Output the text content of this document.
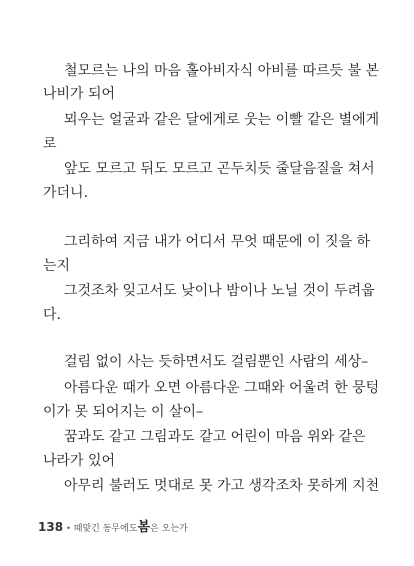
철모르는 나의 마음 홀아비자식 아비를 따르듯 불 본
나비가 되어
뫼우는 얼굴과 같은 달에게로 웃는 이빨 같은 별에게
로
앞도 모르고 뒤도 모르고 곤두치듯 줄달음질을 쳐서
가더니.
그리하여 지금 내가 어디서 무엇 때문에 이 짓을 하
는지
그것조차 잊고서도 낮이나 밤이나 노닐 것이 두려웁
다.
걸림 없이 사는 듯하면서도 걸림뿐인 사람의 세상–
아름다운 때가 오면 아름다운 그때와 어울려 한 뭉텅
이가 못 되어지는 이 살이–
꿈과도 같고 그림과도 같고 어린이 마음 위와 같은
나라가 있어
아무리 불러도 멋대로 못 가고 생각조차 못하게 지천
138 • 때맞긴 동무에도봄은 오는가
